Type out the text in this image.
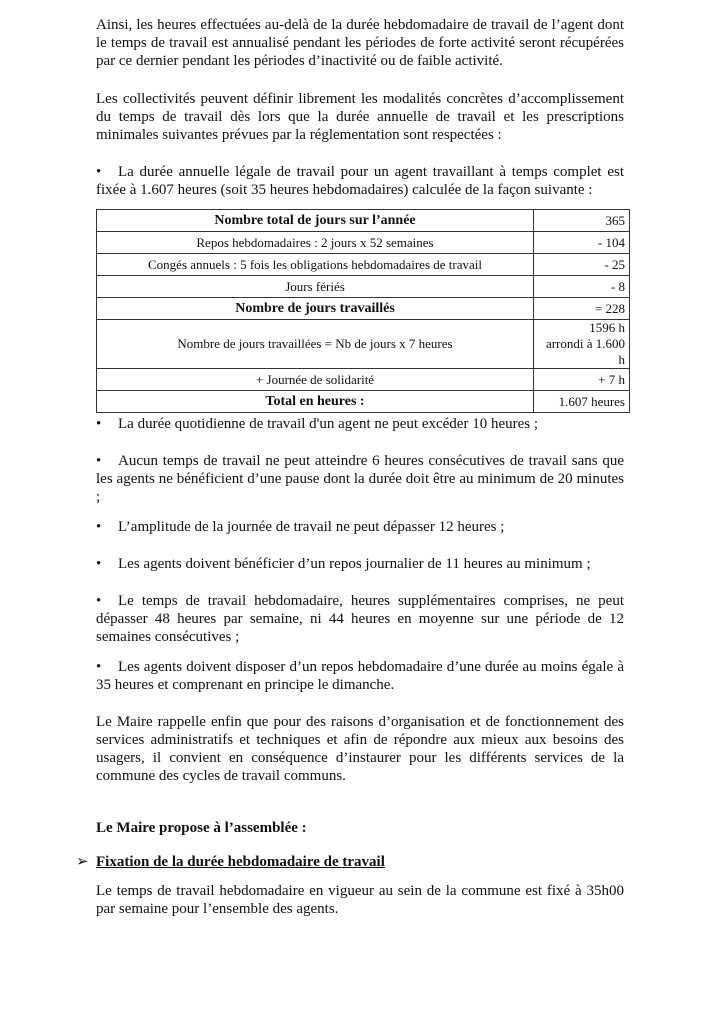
Ainsi, les heures effectuées au-delà de la durée hebdomadaire de travail de l’agent dont le temps de travail est annualisé pendant les périodes de forte activité seront récupérées par ce dernier pendant les périodes d’inactivité ou de faible activité.

Les collectivités peuvent définir librement les modalités concrètes d’accomplissement du temps de travail dès lors que la durée annuelle de travail et les prescriptions minimales suivantes prévues par la réglementation sont respectées :

• La durée annuelle légale de travail pour un agent travaillant à temps complet est fixée à 1.607 heures (soit 35 heures hebdomadaires) calculée de la façon suivante :

Nombre total de jours sur l’année	365
Repos hebdomadaires : 2 jours x 52 semaines	- 104
Congés annuels : 5 fois les obligations hebdomadaires de travail	- 25
Jours fériés	- 8
Nombre de jours travaillés	= 228
Nombre de jours travaillées = Nb de jours x 7 heures	1596 h
arrondi à 1.600 h

+ Journée de solidarité	+ 7 h
Total en heures :	1.607 heures

• La durée quotidienne de travail d'un agent ne peut excéder 10 heures ;

• Aucun temps de travail ne peut atteindre 6 heures consécutives de travail sans que les agents ne bénéficient d’une pause dont la durée doit être au minimum de 20 minutes ;

• L’amplitude de la journée de travail ne peut dépasser 12 heures ;

• Les agents doivent bénéficier d’un repos journalier de 11 heures au minimum ;

• Le temps de travail hebdomadaire, heures supplémentaires comprises, ne peut dépasser 48 heures par semaine, ni 44 heures en moyenne sur une période de 12 semaines consécutives ;

• Les agents doivent disposer d’un repos hebdomadaire d’une durée au moins égale à 35 heures et comprenant en principe le dimanche.

Le Maire rappelle enfin que pour des raisons d’organisation et de fonctionnement des services administratifs et techniques et afin de répondre aux mieux aux besoins des usagers, il convient en conséquence d’instaurer pour les différents services de la commune des cycles de travail communs.

Le Maire propose à l’assemblée :

➢ Fixation de la durée hebdomadaire de travail

Le temps de travail hebdomadaire en vigueur au sein de la commune est fixé à 35h00 par semaine pour l’ensemble des agents.
